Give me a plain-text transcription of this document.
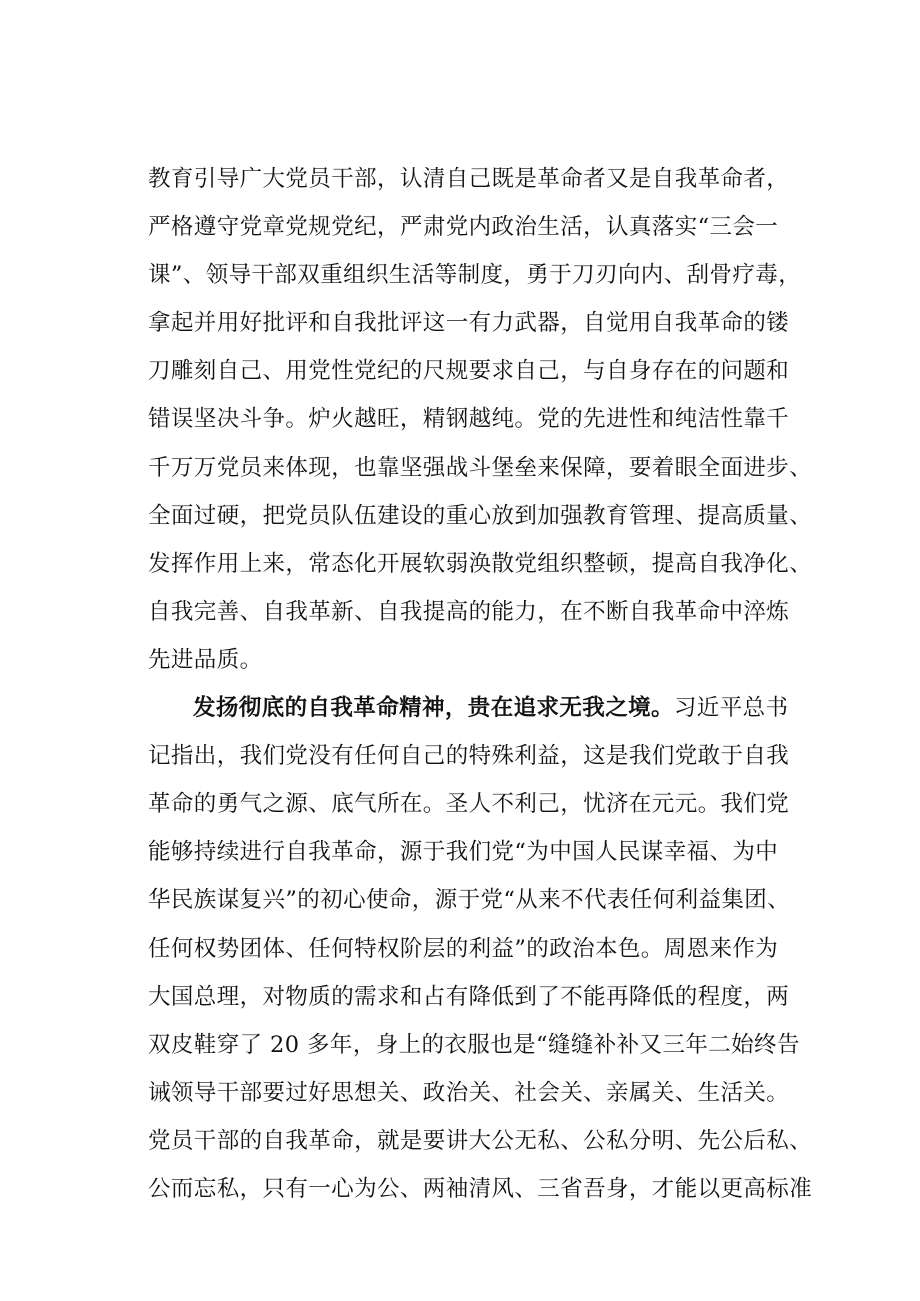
教育引导广大党员干部，认清自己既是革命者又是自我革命者，
严格遵守党章党规党纪，严肃党内政治生活，认真落实“三会一
课”、领导干部双重组织生活等制度，勇于刀刃向内、刮骨疗毒，
拿起并用好批评和自我批评这一有力武器，自觉用自我革命的镂
刀雕刻自己、用党性党纪的尺规要求自己，与自身存在的问题和
错误坚决斗争。炉火越旺，精钢越纯。党的先进性和纯洁性靠千
千万万党员来体现，也靠坚强战斗堡垒来保障，要着眼全面进步、
全面过硬，把党员队伍建设的重心放到加强教育管理、提高质量、
发挥作用上来，常态化开展软弱涣散党组织整顿，提高自我净化、
自我完善、自我革新、自我提高的能力，在不断自我革命中淬炼
先进品质。
发扬彻底的自我革命精神，贵在追求无我之境。习近平总书
记指出，我们党没有任何自己的特殊利益，这是我们党敢于自我
革命的勇气之源、底气所在。圣人不利己，忧济在元元。我们党
能够持续进行自我革命，源于我们党“为中国人民谋幸福、为中
华民族谋复兴”的初心使命，源于党“从来不代表任何利益集团、
任何权势团体、任何特权阶层的利益”的政治本色。周恩来作为
大国总理，对物质的需求和占有降低到了不能再降低的程度，两
双皮鞋穿了 20 多年，身上的衣服也是“缝缝补补又三年二始终告
诫领导干部要过好思想关、政治关、社会关、亲属关、生活关。
党员干部的自我革命，就是要讲大公无私、公私分明、先公后私、
公而忘私，只有一心为公、两袖清风、三省吾身，才能以更高标准
